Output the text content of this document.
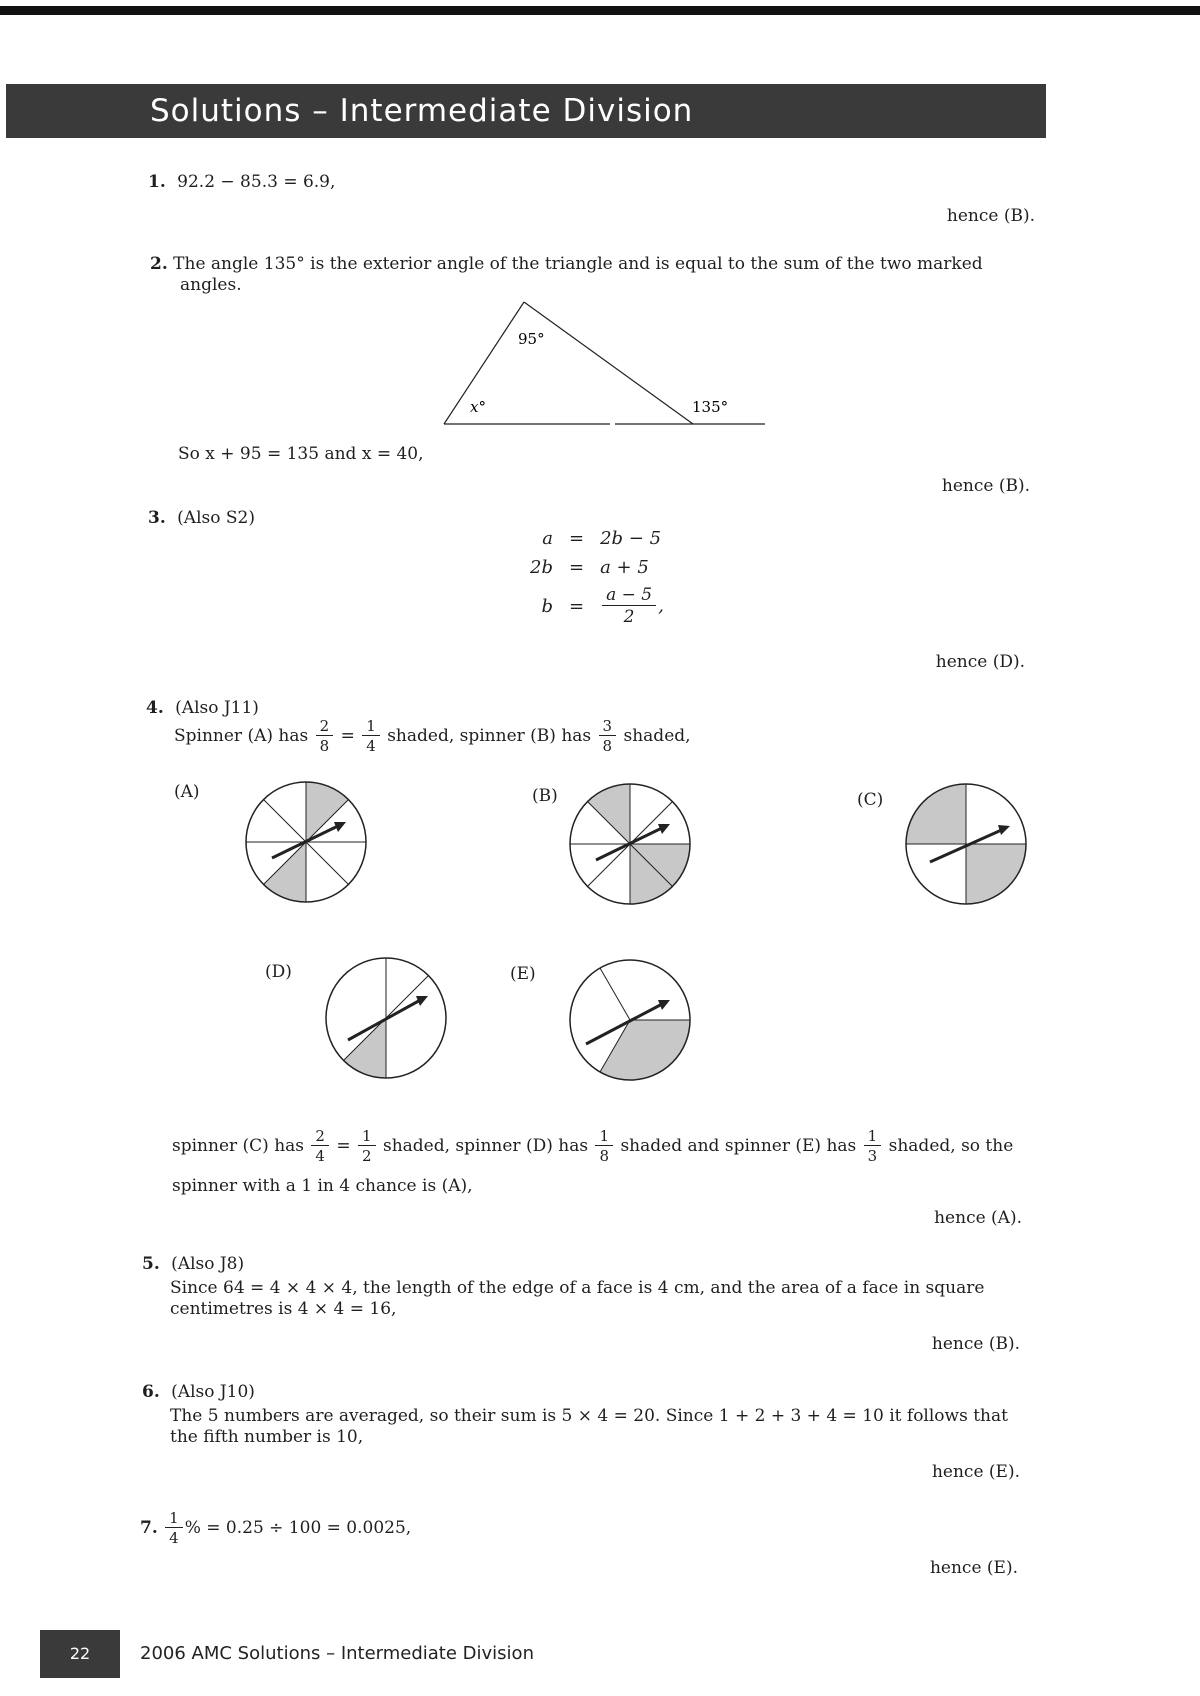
Solutions – Intermediate Division
1. 92.2 − 85.3 = 6.9,
hence (B).
2. The angle 135° is the exterior angle of the triangle and is equal to the sum of the two marked
angles.
95°
x°	135°
So x + 95 = 135 and x = 40,
hence (B).
3. (Also S2)
a	=	2b − 5
2b	=	a + 5
b	=	$\frac{a - 5}{2}$ ,
hence (D).
4. (Also J11)
Spinner (A) has $\frac{2}{8} = \frac{1}{4}$ shaded, spinner (B) has $\frac{3}{8}$ shaded,
(A)	(B)	(C)
(D)	(E)
spinner (C) has $\frac{2}{4} = \frac{1}{2}$ shaded, spinner (D) has $\frac{1}{8}$ shaded and spinner (E) has $\frac{1}{3}$ shaded, so the
spinner with a 1 in 4 chance is (A),
hence (A).
5. (Also J8)
Since 64 = 4 × 4 × 4, the length of the edge of a face is 4 cm, and the area of a face in square
centimetres is 4 × 4 = 16,
hence (B).
6. (Also J10)
The 5 numbers are averaged, so their sum is 5 × 4 = 20. Since 1 + 2 + 3 + 4 = 10 it follows that
the fifth number is 10,
hence (E).
7. $\frac{1}{4}$ % = 0.25 ÷ 100 = 0.0025,
hence (E).
22	2006 AMC Solutions – Intermediate Division
